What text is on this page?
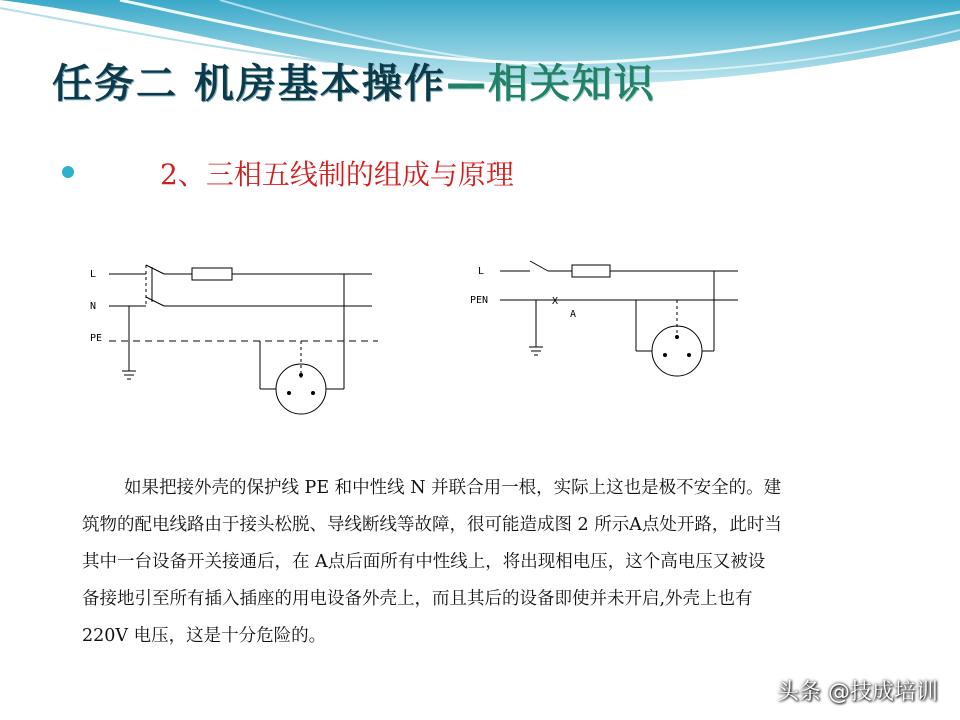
任务二 机房基本操作—相关知识
2、三相五线制的组成与原理
L
N
PE
L
PEN	X
A
如果把接外壳的保护线 PE 和中性线 N 并联合用一根，实际上这也是极不安全的。建
筑物的配电线路由于接头松脱、导线断线等故障，很可能造成图 2 所示A点处开路，此时当
其中一台设备开关接通后，在 A点后面所有中性线上，将出现相电压，这个高电压又被设
备接地引至所有插入插座的用电设备外壳上，而且其后的设备即使并未开启,外壳上也有
220V 电压，这是十分危险的。
头条 @技成培训
